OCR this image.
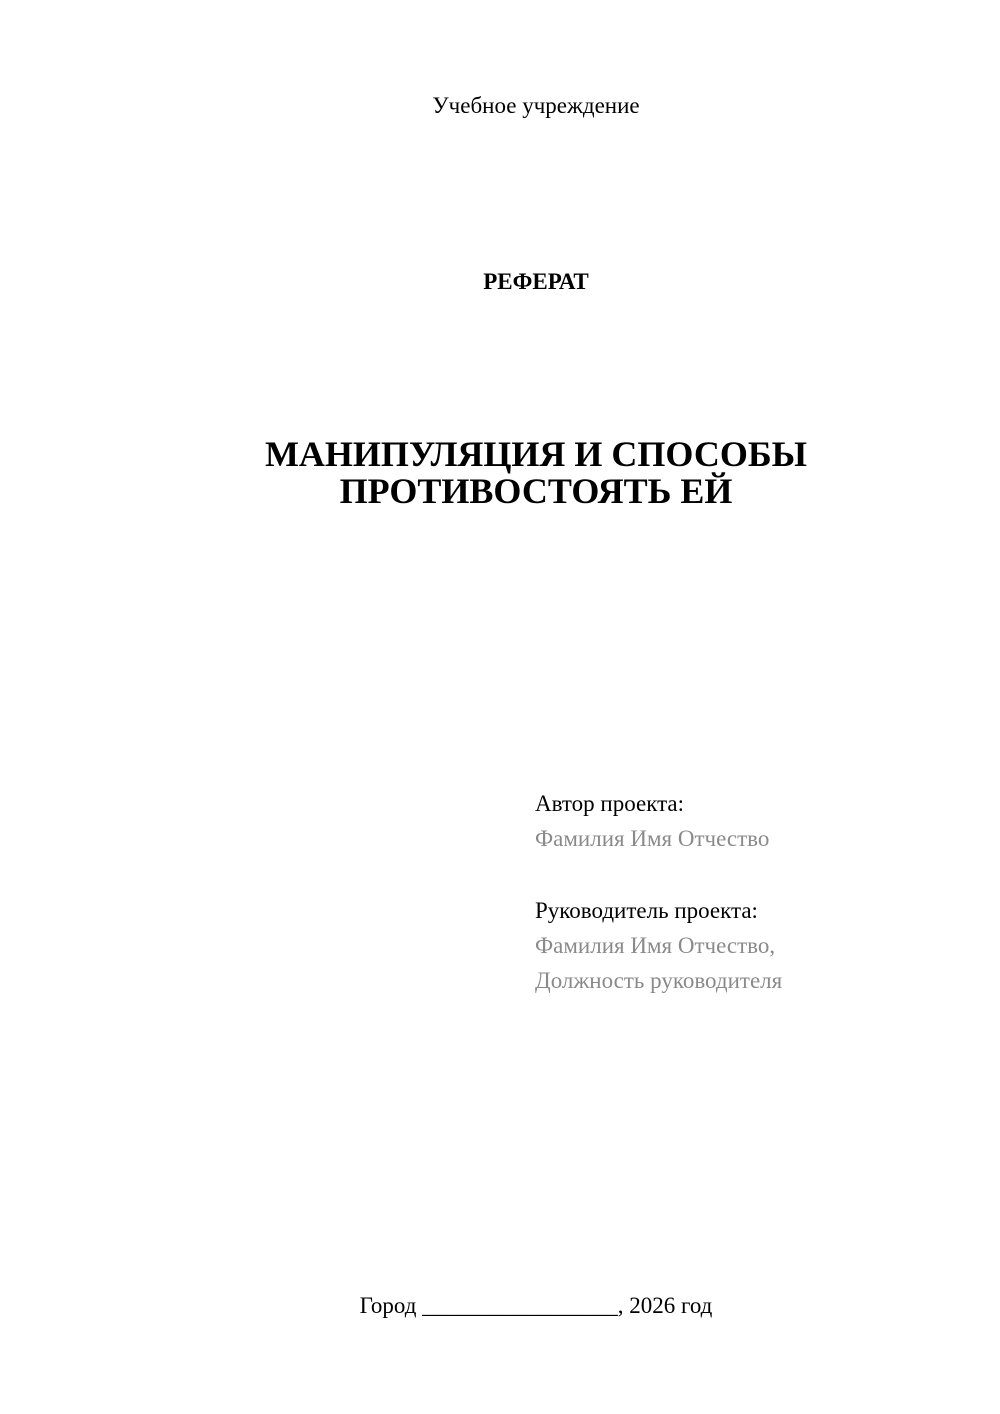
Учебное учреждение
РЕФЕРАТ
МАНИПУЛЯЦИЯ И СПОСОБЫ
ПРОТИВОСТОЯТЬ ЕЙ
Автор проекта:
Фамилия Имя Отчество
Руководитель проекта:
Фамилия Имя Отчество,
Должность руководителя
Город _________________, 2026 год
